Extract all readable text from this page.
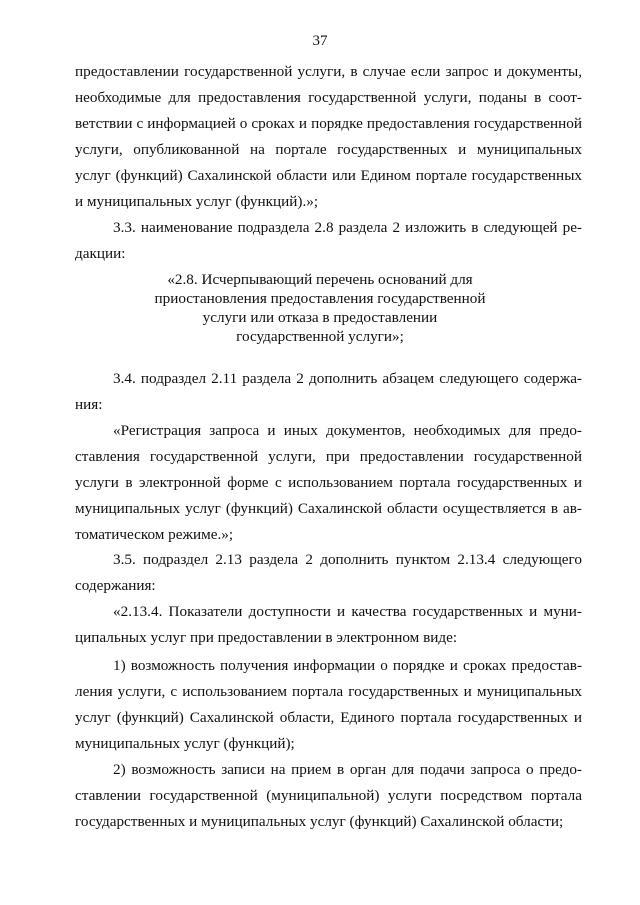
37
предоставлении государственной услуги, в случае если запрос и документы,
необходимые для предоставления государственной услуги, поданы в соот-
ветствии с информацией о сроках и порядке предоставления государственной
услуги, опубликованной на портале государственных и муниципальных
услуг (функций) Сахалинской области или Едином портале государственных
и муниципальных услуг (функций).»;
3.3. наименование подраздела 2.8 раздела 2 изложить в следующей ре-
дакции:
«2.8. Исчерпывающий перечень оснований для
приостановления предоставления государственной
услуги или отказа в предоставлении
государственной услуги»;
3.4. подраздел 2.11 раздела 2 дополнить абзацем следующего содержа-
ния:
«Регистрация запроса и иных документов, необходимых для предо-
ставления государственной услуги, при предоставлении государственной
услуги в электронной форме с использованием портала государственных и
муниципальных услуг (функций) Сахалинской области осуществляется в ав-
томатическом режиме.»;
3.5. подраздел 2.13 раздела 2 дополнить пунктом 2.13.4 следующего
содержания:
«2.13.4. Показатели доступности и качества государственных и муни-
ципальных услуг при предоставлении в электронном виде:
1) возможность получения информации о порядке и сроках предостав-
ления услуги, с использованием портала государственных и муниципальных
услуг (функций) Сахалинской области, Единого портала государственных и
муниципальных услуг (функций);
2) возможность записи на прием в орган для подачи запроса о предо-
ставлении государственной (муниципальной) услуги посредством портала
государственных и муниципальных услуг (функций) Сахалинской области;
